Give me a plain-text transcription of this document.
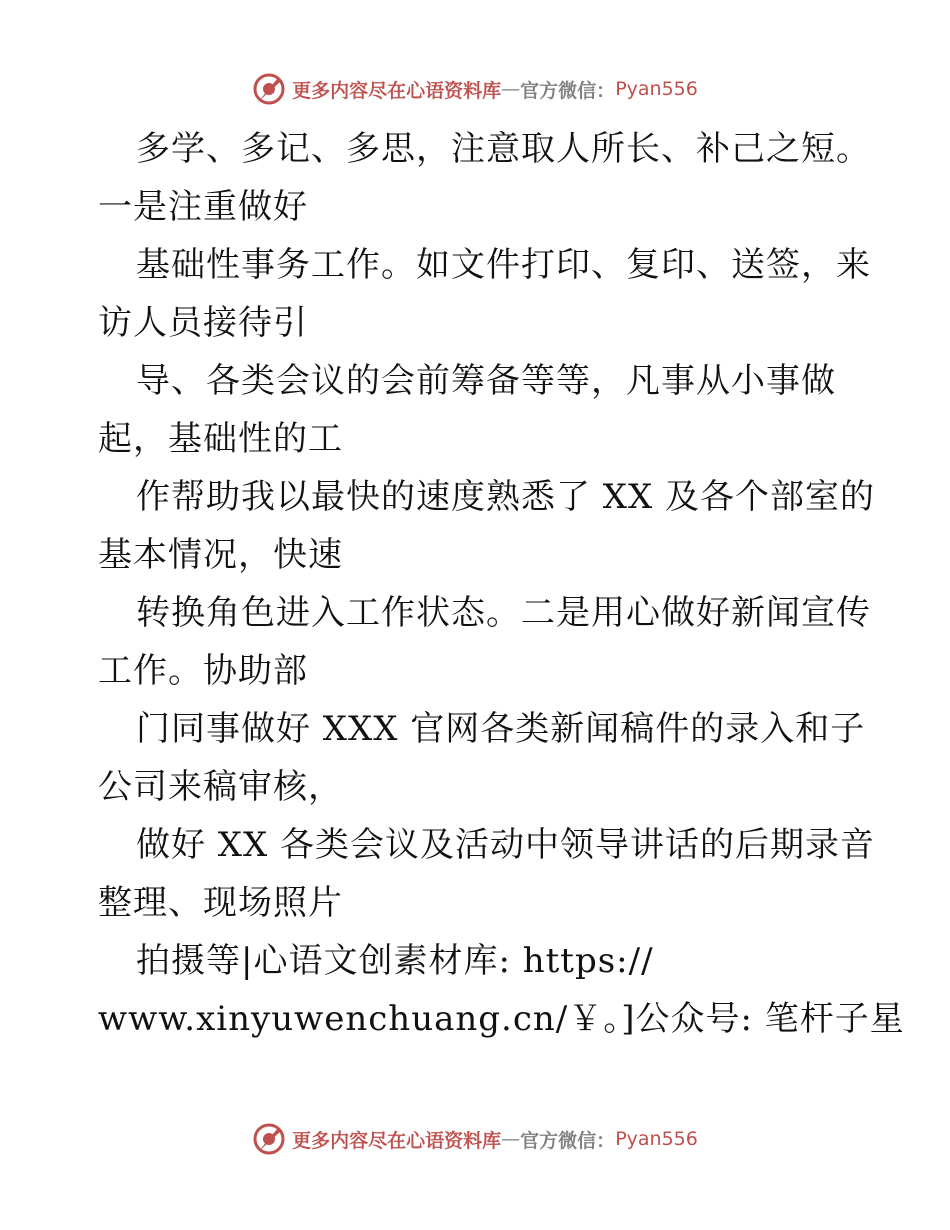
更多内容尽在心语资料库 — 官方微信： Pyan556
多学、多记、多思，注意取人所长、补己之短。
一是注重做好
基础性事务工作。如文件打印、复印、送签，来
访人员接待引
导、各类会议的会前筹备等等，凡事从小事做
起，基础性的工
作帮助我以最快的速度熟悉了 XX 及各个部室的
基本情况，快速
转换角色进入工作状态。二是用心做好新闻宣传
工作。协助部
门同事做好 XXX 官网各类新闻稿件的录入和子
公司来稿审核，
做好 XX 各类会议及活动中领导讲话的后期录音
整理、现场照片
拍摄等|心语文创素材库: https://
www.xinyuwenchuang.cn/￥。]公众号: 笔杆子星
更多内容尽在心语资料库 — 官方微信： Pyan556
